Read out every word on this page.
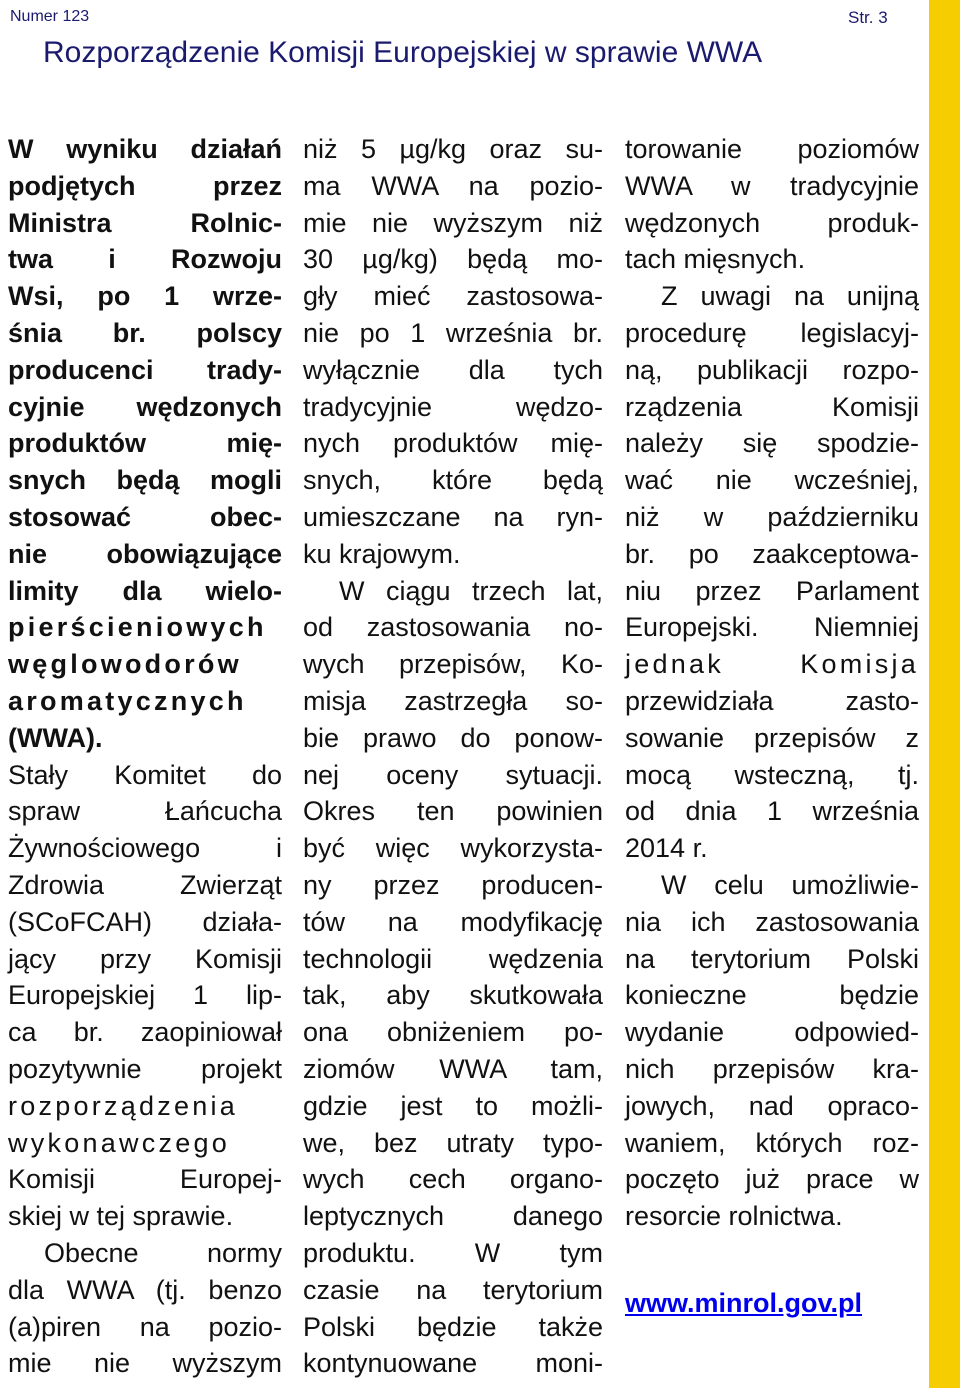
Numer 123	Str. 3
Rozporządzenie Komisji Europejskiej w sprawie WWA
W wyniku działań
podjętych przez
Ministra Rolnic-
twa i Rozwoju
Wsi, po 1 wrze-
śnia br. polscy
producenci trady-
cyjnie wędzonych
produktów mię-
snych będą mogli
stosować obec-
nie obowiązujące
limity dla wielo-
pierścieniowych
węglowodorów
aromatycznych
(WWA).
Stały Komitet do
spraw Łańcucha
Żywnościowego i
Zdrowia Zwierząt
(SCoFCAH) działa-
jący przy Komisji
Europejskiej 1 lip-
ca br. zaopiniował
pozytywnie projekt
rozporządzenia
wykonawczego
Komisji Europej-
skiej w tej sprawie.
Obecne normy
dla WWA (tj. benzo
(a)piren na pozio-
mie nie wyższym
niż 5 µg/kg oraz su-
ma WWA na pozio-
mie nie wyższym niż
30 µg/kg) będą mo-
gły mieć zastosowa-
nie po 1 września br.
wyłącznie dla tych
tradycyjnie wędzo-
nych produktów mię-
snych, które będą
umieszczane na ryn-
ku krajowym.
W ciągu trzech lat,
od zastosowania no-
wych przepisów, Ko-
misja zastrzegła so-
bie prawo do ponow-
nej oceny sytuacji.
Okres ten powinien
być więc wykorzysta-
ny przez producen-
tów na modyfikację
technologii wędzenia
tak, aby skutkowała
ona obniżeniem po-
ziomów WWA tam,
gdzie jest to możli-
we, bez utraty typo-
wych cech organo-
leptycznych danego
produktu. W tym
czasie na terytorium
Polski będzie także
kontynuowane moni-
torowanie poziomów
WWA w tradycyjnie
wędzonych produk-
tach mięsnych.
Z uwagi na unijną
procedurę legislacyj-
ną, publikacji rozpo-
rządzenia Komisji
należy się spodzie-
wać nie wcześniej,
niż w październiku
br. po zaakceptowa-
niu przez Parlament
Europejski. Niemniej
jednak Komisja
przewidziała zasto-
sowanie przepisów z
mocą wsteczną, tj.
od dnia 1 września
2014 r.
W celu umożliwie-
nia ich zastosowania
na terytorium Polski
konieczne będzie
wydanie odpowied-
nich przepisów kra-
jowych, nad opraco-
waniem, których roz-
poczęto już prace w
resorcie rolnictwa.
www.minrol.gov.pl
